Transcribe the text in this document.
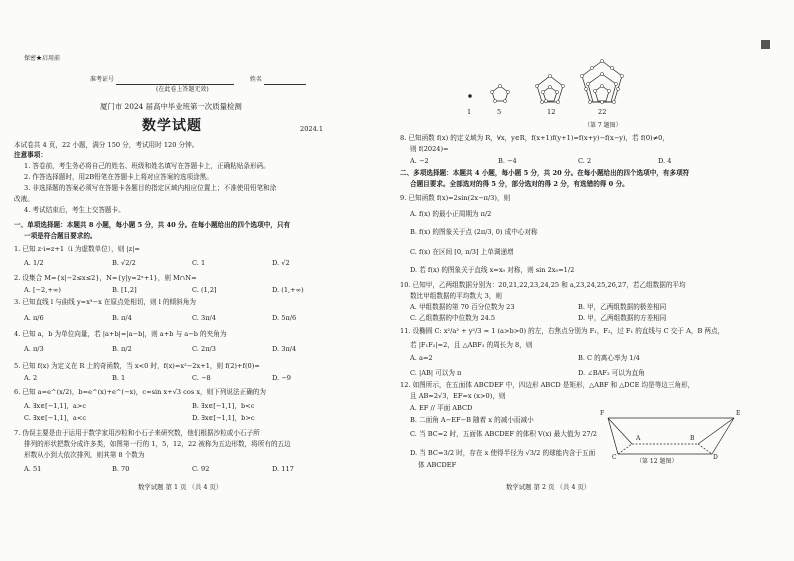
保密★启用前
准考证号	姓名
(在此卷上答题无效)
厦门市 2024 届高中毕业班第一次质量检测
数学试题	2024.1
本试卷共 4 页，22 小题，满分 150 分，考试用时 120 分钟。
注意事项：
1. 答卷前，考生务必将自己的姓名、班级和姓名填写在答题卡上，正确粘贴条形码。
2. 作答选择题时，用2B铅笔在答题卡上将对应答案的选项涂黑。
3. 非选择题的答案必须写在答题卡各题目的指定区域内相应位置上；不准使用铅笔和涂
改液。
4. 考试结束后，考生上交答题卡。
一、单项选择题：本题共 8 小题，每小题 5 分，共 40 分。在每小题给出的四个选项中，只有
一项是符合题目要求的。
1. 已知 z·i=z+1（i 为虚数单位），则 |z|=
A. 1/2	B. √2/2	C. 1	D. √2
2. 设集合 M={x|−2≤x≤2}，N={y|y=2ˣ+1}，则 M∩N=
A. [−2,+∞)	B. [1,2]	C. (1,2]	D. (1,+∞)
3. 已知直线 l 与曲线 y=x³−x 在原点处相切，则 l 的倾斜角为
A. π/6	B. π/4	C. 3π/4	D. 5π/6
4. 已知 a，b 为单位向量，若 |a+b|=|a−b|，则 a+b 与 a−b 的夹角为
A. π/3	B. π/2	C. 2π/3	D. 3π/4
5. 已知 f(x) 为定义在 R 上的奇函数，当 x<0 时，f(x)=x²−2x+1，则 f(2)+f(0)=
A. 2	B. 1	C. −8	D. −9
6. 已知 a=e^(x/2)，b=e^(x)+e^(−x)，c=sin x+√3 cos x，则下列说法正确的为
A. ∃x∈[−1,1]，a>c	B. ∃x∈[−1,1]，b<c
C. ∃x∈[−1,1]，a<c	D. ∃x∈[−1,1]，b>c
7. 伪误主要是由于运用于数学家用沙粒和小石子来研究数，他们根据沙粒或小石子所
排列的形状把数分成许多类，如图第一行的 1，5，12，22 被称为五边形数，将所有的五边
形数从小到大依次排列，则其第 8 个数为
A. 51	B. 70	C. 92	D. 117
数学试题 第 1 页 （共 4 页）
1	5	12	22
（第 7 题图）
8. 已知函数 f(x) 的定义域为 R，∀x，y∈R，f(x+1)f(y+1)=f(x+y)−f(x−y)，若 f(0)≠0，
则 f(2024)=
A. −2	B. −4	C. 2	D. 4
二、多项选择题：本题共 4 小题，每小题 5 分，共 20 分。在每小题给出的四个选项中，有多项符
合题目要求。全部选对的得 5 分，部分选对的得 2 分，有选错的得 0 分。
9. 已知函数 f(x)=2sin(2x−π/3)，则
A. f(x) 的最小正周期为 π/2
B. f(x) 的图象关于点 (2π/3, 0) 成中心对称
C. f(x) 在区间 [0, π/3] 上单调递增
D. 若 f(x) 的图象关于直线 x=x₀ 对称，则 sin 2x₀=1/2
10. 已知甲，乙两组数据分别为：20,21,22,23,24,25 和 a,23,24,25,26,27，若乙组数据的平均
数比甲组数据的平均数大 3，则
A. 甲组数据的第 70 百分位数为 23	B. 甲，乙两组数据的极差相同
C. 乙组数据的中位数为 24.5	D. 甲，乙两组数据的方差相同
11. 设椭圆 C: x²/a² + y²/3 = 1 (a>b>0) 的左，右焦点分别为 F₁，F₂，过 F₁ 的直线与 C 交于 A，B 两点，
若 |F₁F₂|=2，且 △ABF₂ 的周长为 8，则
A. a=2	B. C 的离心率为 1/4
C. |AB| 可以为 π	D. ∠BAF₂ 可以为直角
12. 如图所示，在五面体 ABCDEF 中，四边形 ABCD 是矩形，△ABF 和 △DCE 均是等边三角形，
且 AB=2√3，EF=x (x>0)，则
A. EF // 平面 ABCD
B. 二面角 A−EF−B 随着 x 的减小而减小
C. 当 BC=2 时，五面体 ABCDEF 的体积 V(x) 最大值为 27/2
D. 当 BC=3/2 时，存在 x 使得半径为 √3/2 的球能内含于五面
体 ABCDEF
F	E
A	B
C	D
（第 12 题图）
数学试题 第 2 页 （共 4 页）
